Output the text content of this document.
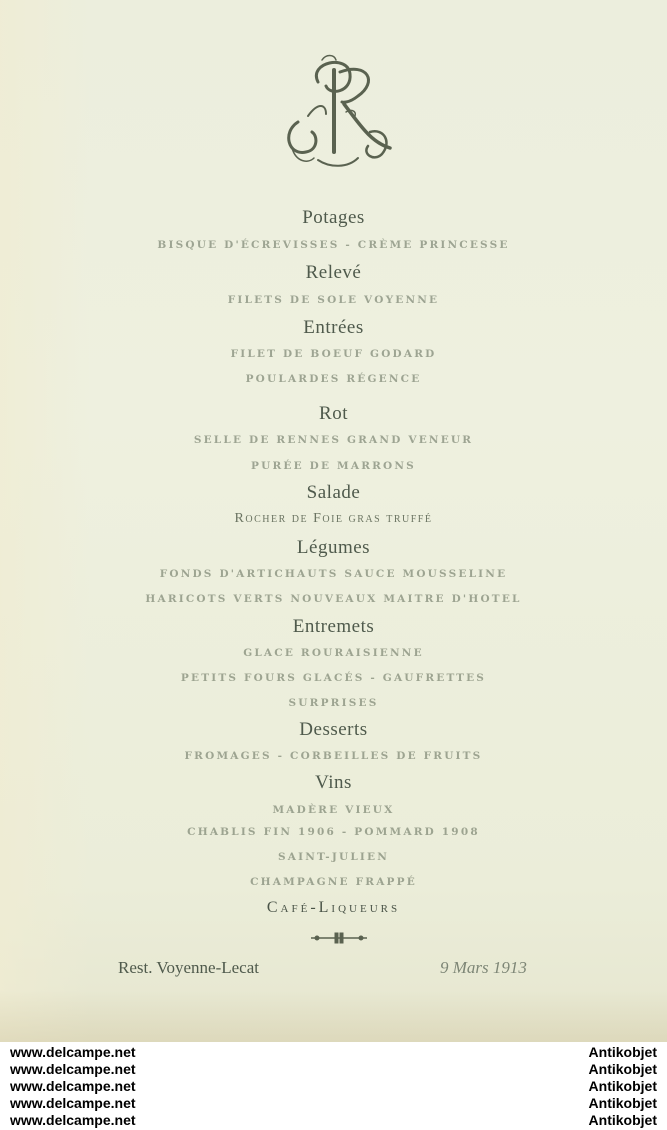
Potages
BISQUE D'ÉCREVISSES - CRÈME PRINCESSE
Relevé
FILETS DE SOLE VOYENNE
Entrées
FILET DE BOEUF GODARD
POULARDES RÉGENCE
Rot
SELLE DE RENNES GRAND VENEUR
PURÉE DE MARRONS
Salade
Rocher de Foie gras truffé
Légumes
FONDS D'ARTICHAUTS SAUCE MOUSSELINE
HARICOTS VERTS NOUVEAUX MAITRE D'HOTEL
Entremets
GLACE ROURAISIENNE
PETITS FOURS GLACÉS - GAUFRETTES
SURPRISES
Desserts
FROMAGES - CORBEILLES DE FRUITS
Vins
MADÈRE VIEUX
CHABLIS FIN 1906 - POMMARD 1908
SAINT-JULIEN
CHAMPAGNE FRAPPÉ
Café-Liqueurs
Rest. Voyenne-Lecat	9 Mars 1913
www.delcampe.net	Antikobjet
www.delcampe.net	Antikobjet
www.delcampe.net	Antikobjet
www.delcampe.net	Antikobjet
www.delcampe.net	Antikobjet
